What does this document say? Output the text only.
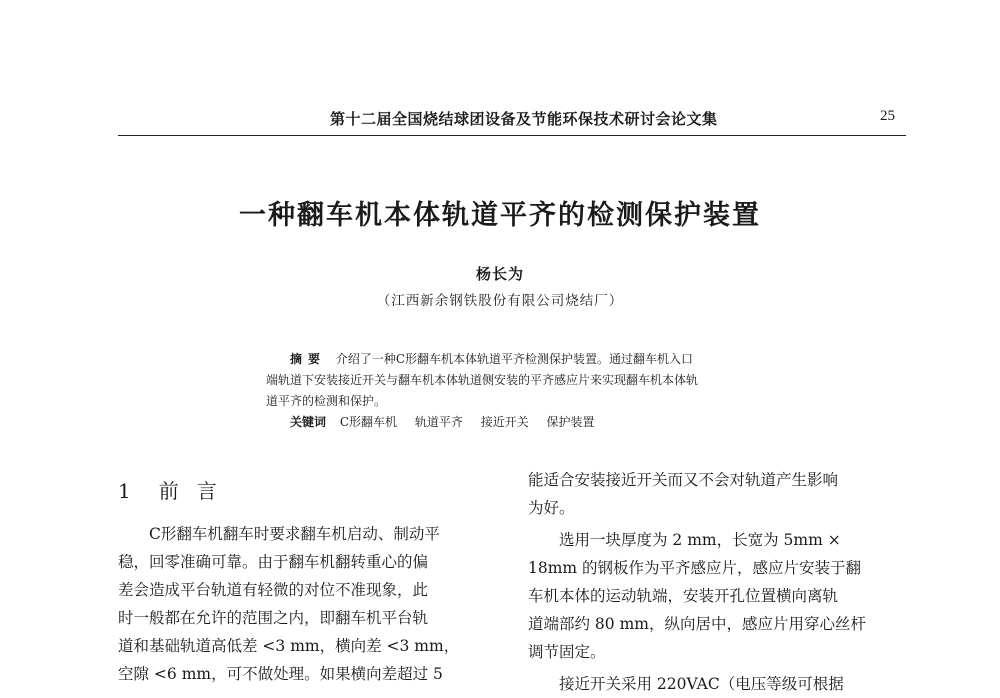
第十二届全国烧结球团设备及节能环保技术研讨会论文集	25
一种翻车机本体轨道平齐的检测保护装置
杨长为
（江西新余钢铁股份有限公司烧结厂）
摘要 介绍了一种C形翻车机本体轨道平齐检测保护装置。通过翻车机入口
端轨道下安装接近开关与翻车机本体轨道侧安装的平齐感应片来实现翻车机本体轨
道平齐的检测和保护。
关键词 C形翻车机 轨道平齐 接近开关 保护装置
1 前言
C形翻车机翻车时要求翻车机启动、制动平
稳，回零准确可靠。由于翻车机翻转重心的偏
差会造成平台轨道有轻微的对位不准现象，此
时一般都在允许的范围之内，即翻车机平台轨
道和基础轨道高低差 <3 mm，横向差 <3 mm，
空隙 <6 mm，可不做处理。如果横向差超过 5
能适合安装接近开关而又不会对轨道产生影响
为好。
选用一块厚度为 2 mm，长宽为 5mm ×
18mm 的钢板作为平齐感应片，感应片安装于翻
车机本体的运动轨端，安装开孔位置横向离轨
道端部约 80 mm，纵向居中，感应片用穿心丝杆
调节固定。
接近开关采用 220VAC（电压等级可根据
